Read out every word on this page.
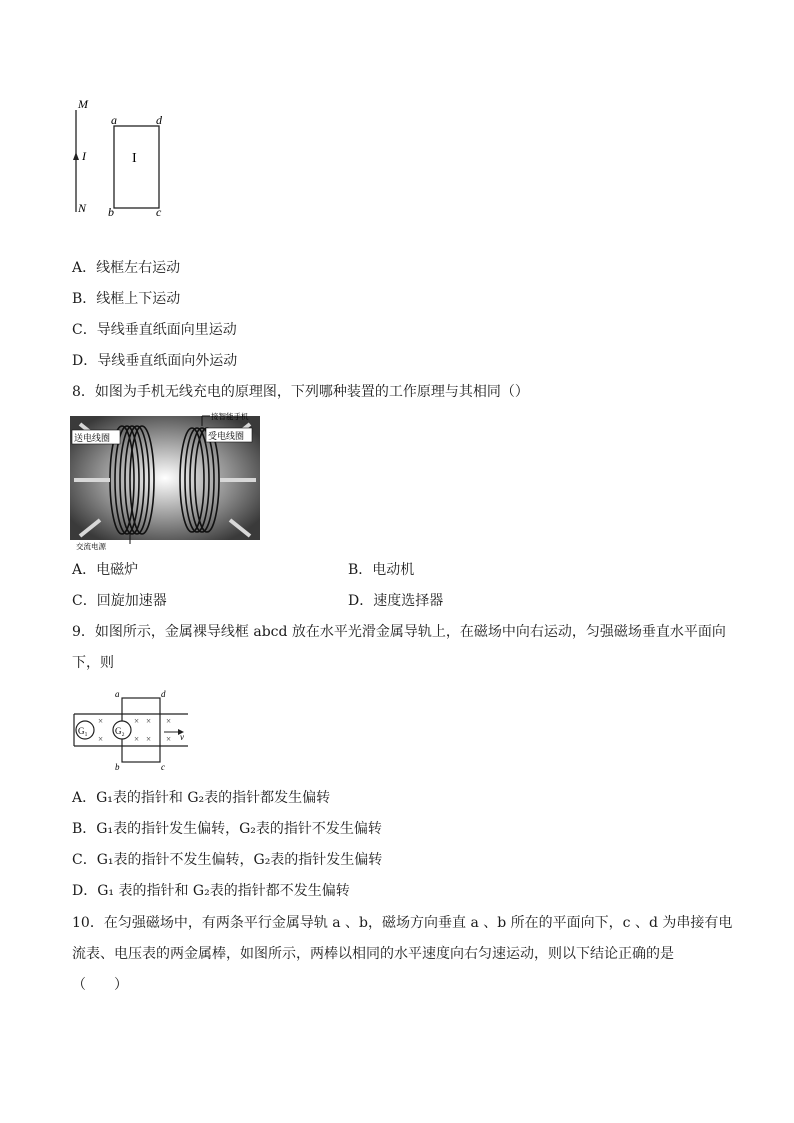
M
N
I
a	d
b	c
I
A．线框左右运动
B．线框上下运动
C．导线垂直纸面向里运动
D．导线垂直纸面向外运动
8．如图为手机无线充电的原理图，下列哪种装置的工作原理与其相同（）
送电线圈	受电线圈
接智能手机
交流电源
A．电磁炉	B．电动机
C．回旋加速器	D．速度选择器
9．如图所示，金属裸导线框 abcd 放在水平光滑金属导轨上，在磁场中向右运动，匀强磁场垂直水平面向
下，则
G₁	G₂
×
×
× ×
× ×
×
× v
a	d
b	c
A．G₁表的指针和 G₂表的指针都发生偏转
B．G₁表的指针发生偏转，G₂表的指针不发生偏转
C．G₁表的指针不发生偏转，G₂表的指针发生偏转
D．G₁ 表的指针和 G₂表的指针都不发生偏转
10．在匀强磁场中，有两条平行金属导轨 a 、b，磁场方向垂直 a 、b 所在的平面向下，c 、d 为串接有电
流表、电压表的两金属棒，如图所示，两棒以相同的水平速度向右匀速运动，则以下结论正确的是
（　　）
